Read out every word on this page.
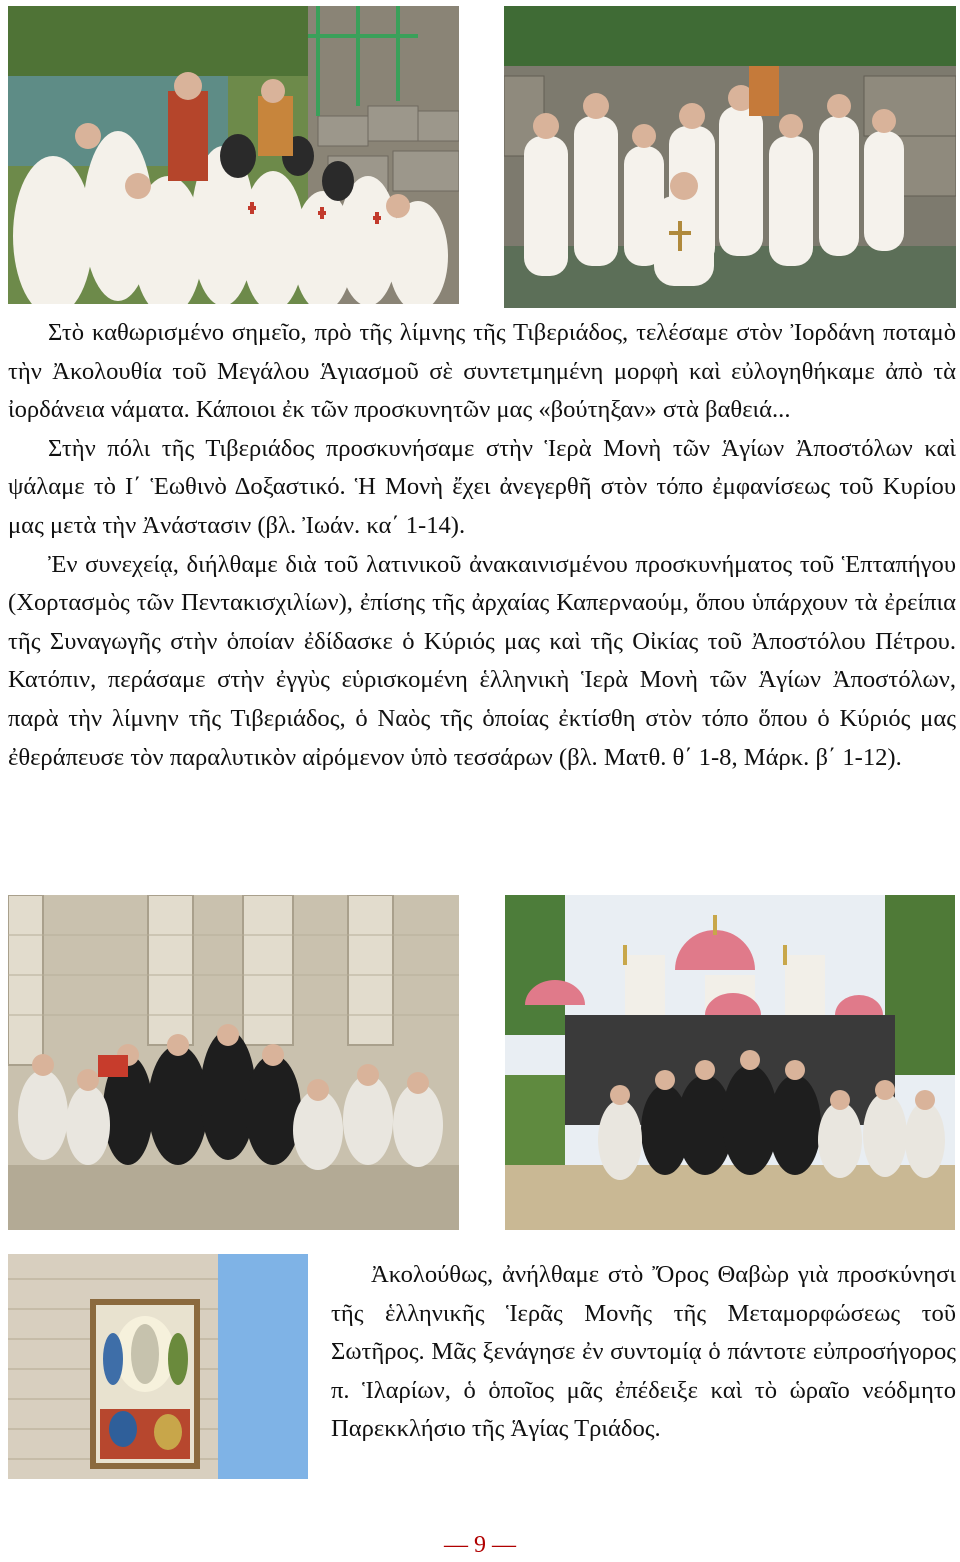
Στὸ καθωρισμένο σημεῖο, πρὸ τῆς λίμνης τῆς Τιβεριάδος, τελέσαμε στὸν Ἰορδάνη ποταμὸ τὴν Ἀκολουθία τοῦ Μεγάλου Ἁγιασμοῦ σὲ συντετμημένη μορφὴ καὶ εὐλογηθήκαμε ἀπὸ τὰ ἰορδάνεια νάματα. Κάποιοι ἐκ τῶν προσκυνητῶν μας «βούτηξαν» στὰ βαθειά...

Στὴν πόλι τῆς Τιβεριάδος προσκυνήσαμε στὴν Ἱερὰ Μονὴ τῶν Ἁγίων Ἀποστόλων καὶ ψάλαμε τὸ Ι΄ Ἑωθινὸ Δοξαστικό. Ἡ Μονὴ ἔχει ἀνεγερθῆ στὸν τόπο ἐμφανίσεως τοῦ Κυρίου μας μετὰ τὴν Ἀνάστασιν (βλ. Ἰωάν. κα΄ 1-14).

Ἐν συνεχείᾳ, διήλθαμε διὰ τοῦ λατινικοῦ ἀνακαινισμένου προσκυνήματος τοῦ Ἑπταπήγου (Χορτασμὸς τῶν Πεντακισχιλίων), ἐπίσης τῆς ἀρχαίας Καπερναούμ, ὅπου ὑπάρχουν τὰ ἐρείπια τῆς Συναγωγῆς στὴν ὁποίαν ἐδίδασκε ὁ Κύριός μας καὶ τῆς Οἰκίας τοῦ Ἀποστόλου Πέτρου. Κατόπιν, περάσαμε στὴν ἐγγὺς εὑρισκομένη ἑλληνικὴ Ἱερὰ Μονὴ τῶν Ἁγίων Ἀποστόλων, παρὰ τὴν λίμνην τῆς Τιβεριάδος, ὁ Ναὸς τῆς ὁποίας ἐκτίσθη στὸν τόπο ὅπου ὁ Κύριός μας ἐθεράπευσε τὸν παραλυτικὸν αἰρόμενον ὑπὸ τεσσάρων (βλ. Ματθ. θ΄ 1-8, Μάρκ. β΄ 1-12).

Ἀκολούθως, ἀνήλθαμε στὸ Ὄρος Θαβὼρ γιὰ προσκύνησι τῆς ἑλληνικῆς Ἱερᾶς Μονῆς τῆς Μεταμορφώσεως τοῦ Σωτῆρος. Μᾶς ξενάγησε ἐν συντομίᾳ ὁ πάντοτε εὐπροσήγορος π. Ἱλαρίων, ὁ ὁποῖος μᾶς ἐπέδειξε καὶ τὸ ὡραῖο νεόδμητο Παρεκκλήσιο τῆς Ἁγίας Τριάδος.

— 9 —
